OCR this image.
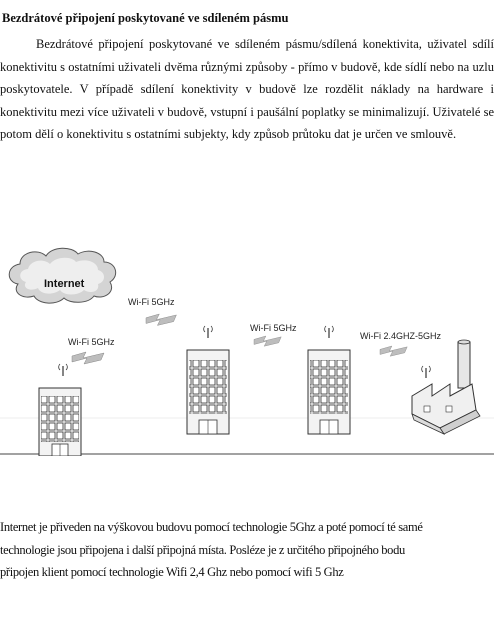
Bezdrátové připojení poskytované ve sdíleném pásmu
Bezdrátové připojení poskytované ve sdíleném pásmu/sdílená konektivita, uživatel sdílí konektivitu s ostatními uživateli dvěma různými způsoby - přímo v budově, kde sídlí nebo na uzlu poskytovatele. V případě sdílení konektivity v budově lze rozdělit náklady na hardware i konektivitu mezi více uživateli v budově, vstupní i paušální poplatky se minimalizují. Uživatelé se potom dělí o konektivitu s ostatními subjekty, kdy způsob průtoku dat je určen ve smlouvě.
Internet
Wi-Fi 5GHz
Wi-Fi 5GHz
Wi-Fi 5GHz
Wi-Fi 2.4GHZ-5GHz
Internet je přiveden na výškovou budovu pomocí technologie 5Ghz a poté pomocí té samé
technologie jsou připojena i další připojná místa. Posléze je z určitého připojného bodu
připojen klient pomocí technologie Wifi 2,4 Ghz nebo pomocí wifi 5 Ghz
